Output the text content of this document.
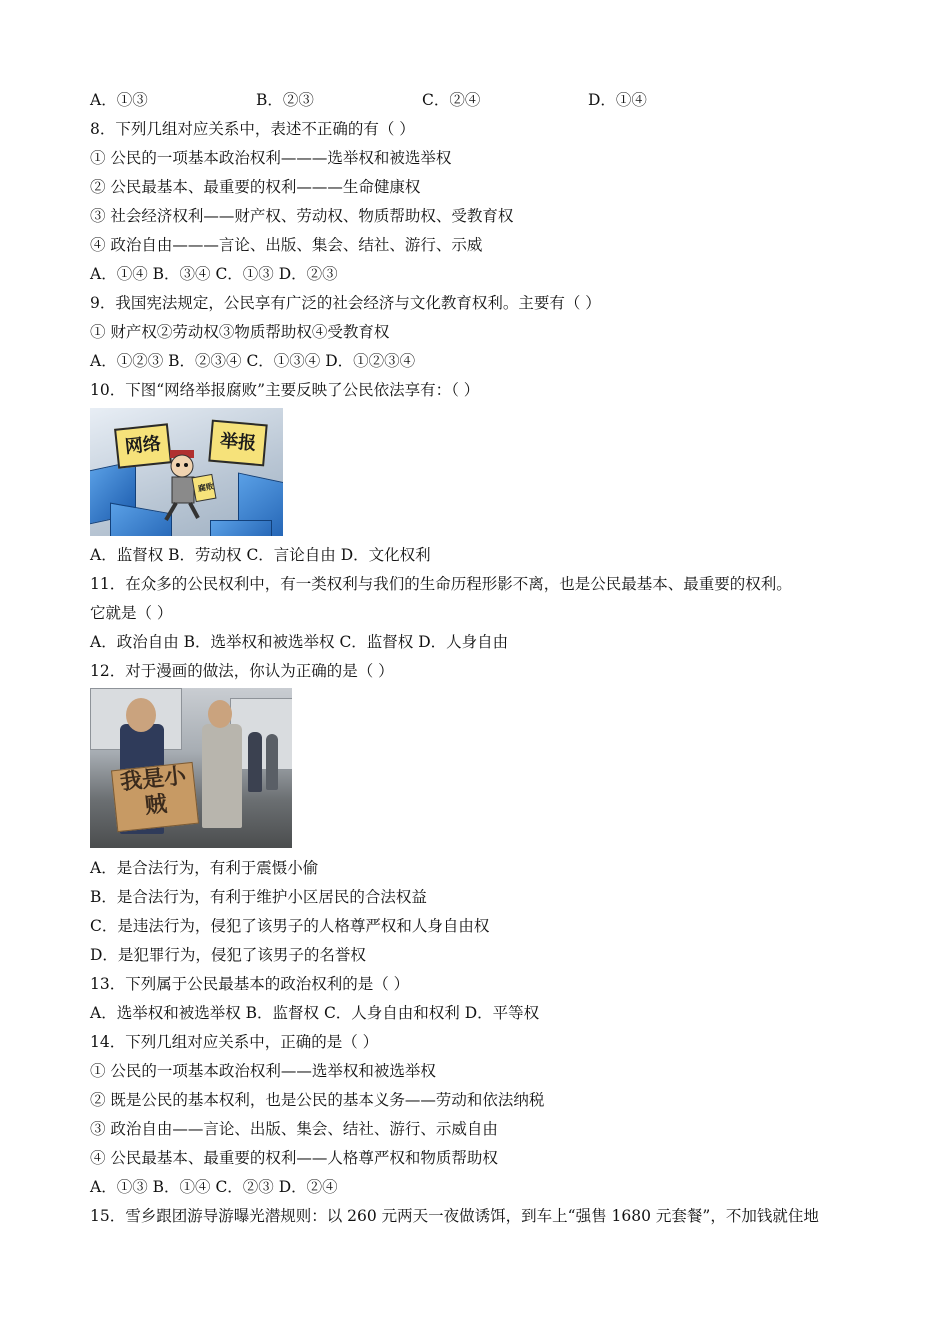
A．①③	B．②③	C．②④	D．①④
8．下列几组对应关系中，表述不正确的有（ ）
① 公民的一项基本政治权利———选举权和被选举权
② 公民最基本、最重要的权利———生命健康权
③ 社会经济权利——财产权、劳动权、物质帮助权、受教育权
④ 政治自由———言论、出版、集会、结社、游行、示威
A．①④ B．③④ C．①③ D．②③
9．我国宪法规定，公民享有广泛的社会经济与文化教育权利。主要有（ ）
① 财产权②劳动权③物质帮助权④受教育权
A．①②③ B．②③④ C．①③④ D．①②③④
10．下图“网络举报腐败”主要反映了公民依法享有：（ ）
网络	举报
腐败
A．监督权 B．劳动权 C．言论自由 D．文化权利
11．在众多的公民权利中，有一类权利与我们的生命历程形影不离，也是公民最基本、最重要的权利。
它就是（ ）
A．政治自由 B．选举权和被选举权 C．监督权 D．人身自由
12．对于漫画的做法，你认为正确的是（ ）
我是小贼
A．是合法行为，有利于震慑小偷
B．是合法行为，有利于维护小区居民的合法权益
C．是违法行为，侵犯了该男子的人格尊严权和人身自由权
D．是犯罪行为，侵犯了该男子的名誉权
13．下列属于公民最基本的政治权利的是（ ）
A．选举权和被选举权 B．监督权 C．人身自由和权利 D．平等权
14．下列几组对应关系中，正确的是（ ）
① 公民的一项基本政治权利——选举权和被选举权
② 既是公民的基本权利，也是公民的基本义务——劳动和依法纳税
③ 政治自由——言论、出版、集会、结社、游行、示威自由
④ 公民最基本、最重要的权利——人格尊严权和物质帮助权
A．①③ B．①④ C．②③ D．②④
15．雪乡跟团游导游曝光潜规则：以 260 元两天一夜做诱饵，到车上“强售 1680 元套餐”，不加钱就住地
